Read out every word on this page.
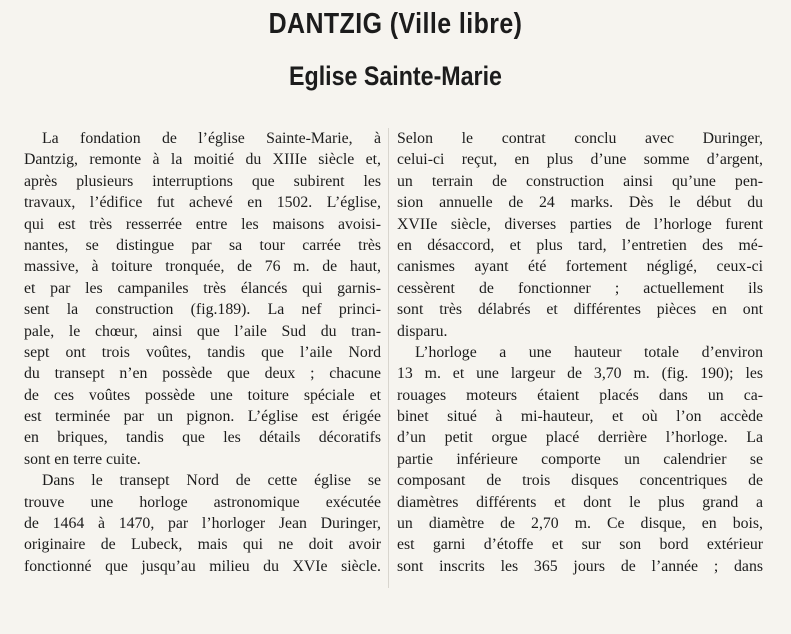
DANTZIG (Ville libre)
Eglise Sainte-Marie
La fondation de l’église Sainte-Marie, à
Dantzig, remonte à la moitié du XIIIe siècle et,
après plusieurs interruptions que subirent les
travaux, l’édifice fut achevé en 1502. L’église,
qui est très resserrée entre les maisons avoisi-
nantes, se distingue par sa tour carrée très
massive, à toiture tronquée, de 76 m. de haut,
et par les campaniles très élancés qui garnis-
sent la construction (fig.189). La nef princi-
pale, le chœur, ainsi que l’aile Sud du tran-
sept ont trois voûtes, tandis que l’aile Nord
du transept n’en possède que deux ; chacune
de ces voûtes possède une toiture spéciale et
est terminée par un pignon. L’église est érigée
en briques, tandis que les détails décoratifs
sont en terre cuite.
Dans le transept Nord de cette église se
trouve une horloge astronomique exécutée
de 1464 à 1470, par l’horloger Jean Duringer,
originaire de Lubeck, mais qui ne doit avoir
fonctionné que jusqu’au milieu du XVIe siècle.
Selon le contrat conclu avec Duringer,
celui-ci reçut, en plus d’une somme d’argent,
un terrain de construction ainsi qu’une pen-
sion annuelle de 24 marks. Dès le début du
XVIIe siècle, diverses parties de l’horloge furent
en désaccord, et plus tard, l’entretien des mé-
canismes ayant été fortement négligé, ceux-ci
cessèrent de fonctionner ; actuellement ils
sont très délabrés et différentes pièces en ont
disparu.
L’horloge a une hauteur totale d’environ
13 m. et une largeur de 3,70 m. (fig. 190); les
rouages moteurs étaient placés dans un ca-
binet situé à mi-hauteur, et où l’on accède
d’un petit orgue placé derrière l’horloge. La
partie inférieure comporte un calendrier se
composant de trois disques concentriques de
diamètres différents et dont le plus grand a
un diamètre de 2,70 m. Ce disque, en bois,
est garni d’étoffe et sur son bord extérieur
sont inscrits les 365 jours de l’année ; dans
